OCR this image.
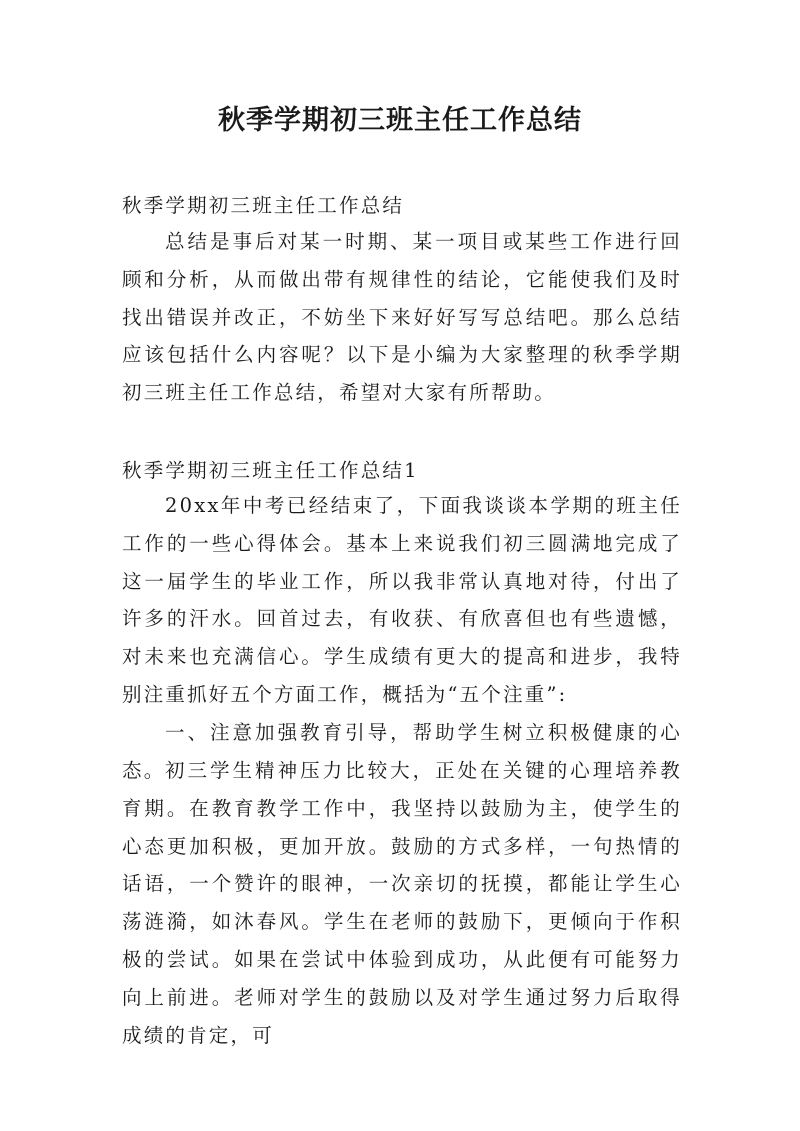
秋季学期初三班主任工作总结
秋季学期初三班主任工作总结

总结是事后对某一时期、某一项目或某些工作进行回顾和分析，从而做出带有规律性的结论，它能使我们及时找出错误并改正，不妨坐下来好好写写总结吧。那么总结应该包括什么内容呢？以下是小编为大家整理的秋季学期初三班主任工作总结，希望对大家有所帮助。

秋季学期初三班主任工作总结1

20xx年中考已经结束了，下面我谈谈本学期的班主任工作的一些心得体会。基本上来说我们初三圆满地完成了这一届学生的毕业工作，所以我非常认真地对待，付出了许多的汗水。回首过去，有收获、有欣喜但也有些遗憾，对未来也充满信心。学生成绩有更大的提高和进步，我特别注重抓好五个方面工作，概括为“五个注重”:

一、注意加强教育引导，帮助学生树立积极健康的心态。 初三学生精神压力比较大，正处在关键的心理培养教育期。在教育教学工作中，我坚持以鼓励为主，使学生的心态更加积极，更加开放。鼓励的方式多样，一句热情的话语，一个赞许的眼神，一次亲切的抚摸，都能让学生心荡涟漪，如沐春风。学生在老师的鼓励下，更倾向于作积极的尝试。如果在尝试中体验到成功，从此便有可能努力向上前进。老师对学生的鼓励以及对学生通过努力后取得成绩的肯定，可
